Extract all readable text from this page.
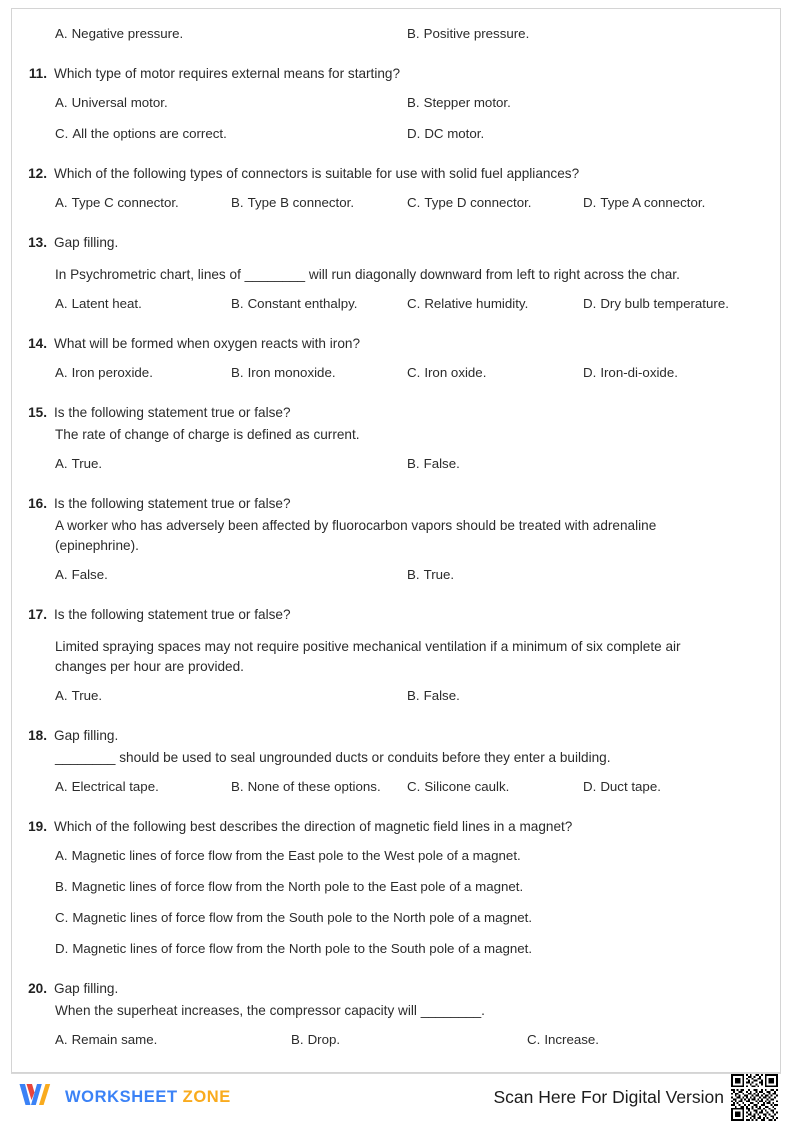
A. Negative pressure.	B. Positive pressure.
11. Which type of motor requires external means for starting?
A. Universal motor.	B. Stepper motor.
C. All the options are correct.	D. DC motor.
12. Which of the following types of connectors is suitable for use with solid fuel appliances?
A. Type C connector.	B. Type B connector.	C. Type D connector.	D. Type A connector.
13. Gap filling.
In Psychrometric chart, lines of ________ will run diagonally downward from left to right across the char.
A. Latent heat.	B. Constant enthalpy.	C. Relative humidity.	D. Dry bulb temperature.
14. What will be formed when oxygen reacts with iron?
A. Iron peroxide.	B. Iron monoxide.	C. Iron oxide.	D. Iron-di-oxide.
15. Is the following statement true or false?
The rate of change of charge is defined as current.
A. True.	B. False.
16. Is the following statement true or false?
A worker who has adversely been affected by fluorocarbon vapors should be treated with adrenaline (epinephrine).
A. False.	B. True.
17. Is the following statement true or false?
Limited spraying spaces may not require positive mechanical ventilation if a minimum of six complete air changes per hour are provided.
A. True.	B. False.
18. Gap filling.
________ should be used to seal ungrounded ducts or conduits before they enter a building.
A. Electrical tape.	B. None of these options. C. Silicone caulk.	D. Duct tape.
19. Which of the following best describes the direction of magnetic field lines in a magnet?
A. Magnetic lines of force flow from the East pole to the West pole of a magnet.
B. Magnetic lines of force flow from the North pole to the East pole of a magnet.
C. Magnetic lines of force flow from the South pole to the North pole of a magnet.
D. Magnetic lines of force flow from the North pole to the South pole of a magnet.
20. Gap filling.
When the superheat increases, the compressor capacity will ________.
A. Remain same.	B. Drop.	C. Increase.
WORKSHEET ZONE	Scan Here For Digital Version
